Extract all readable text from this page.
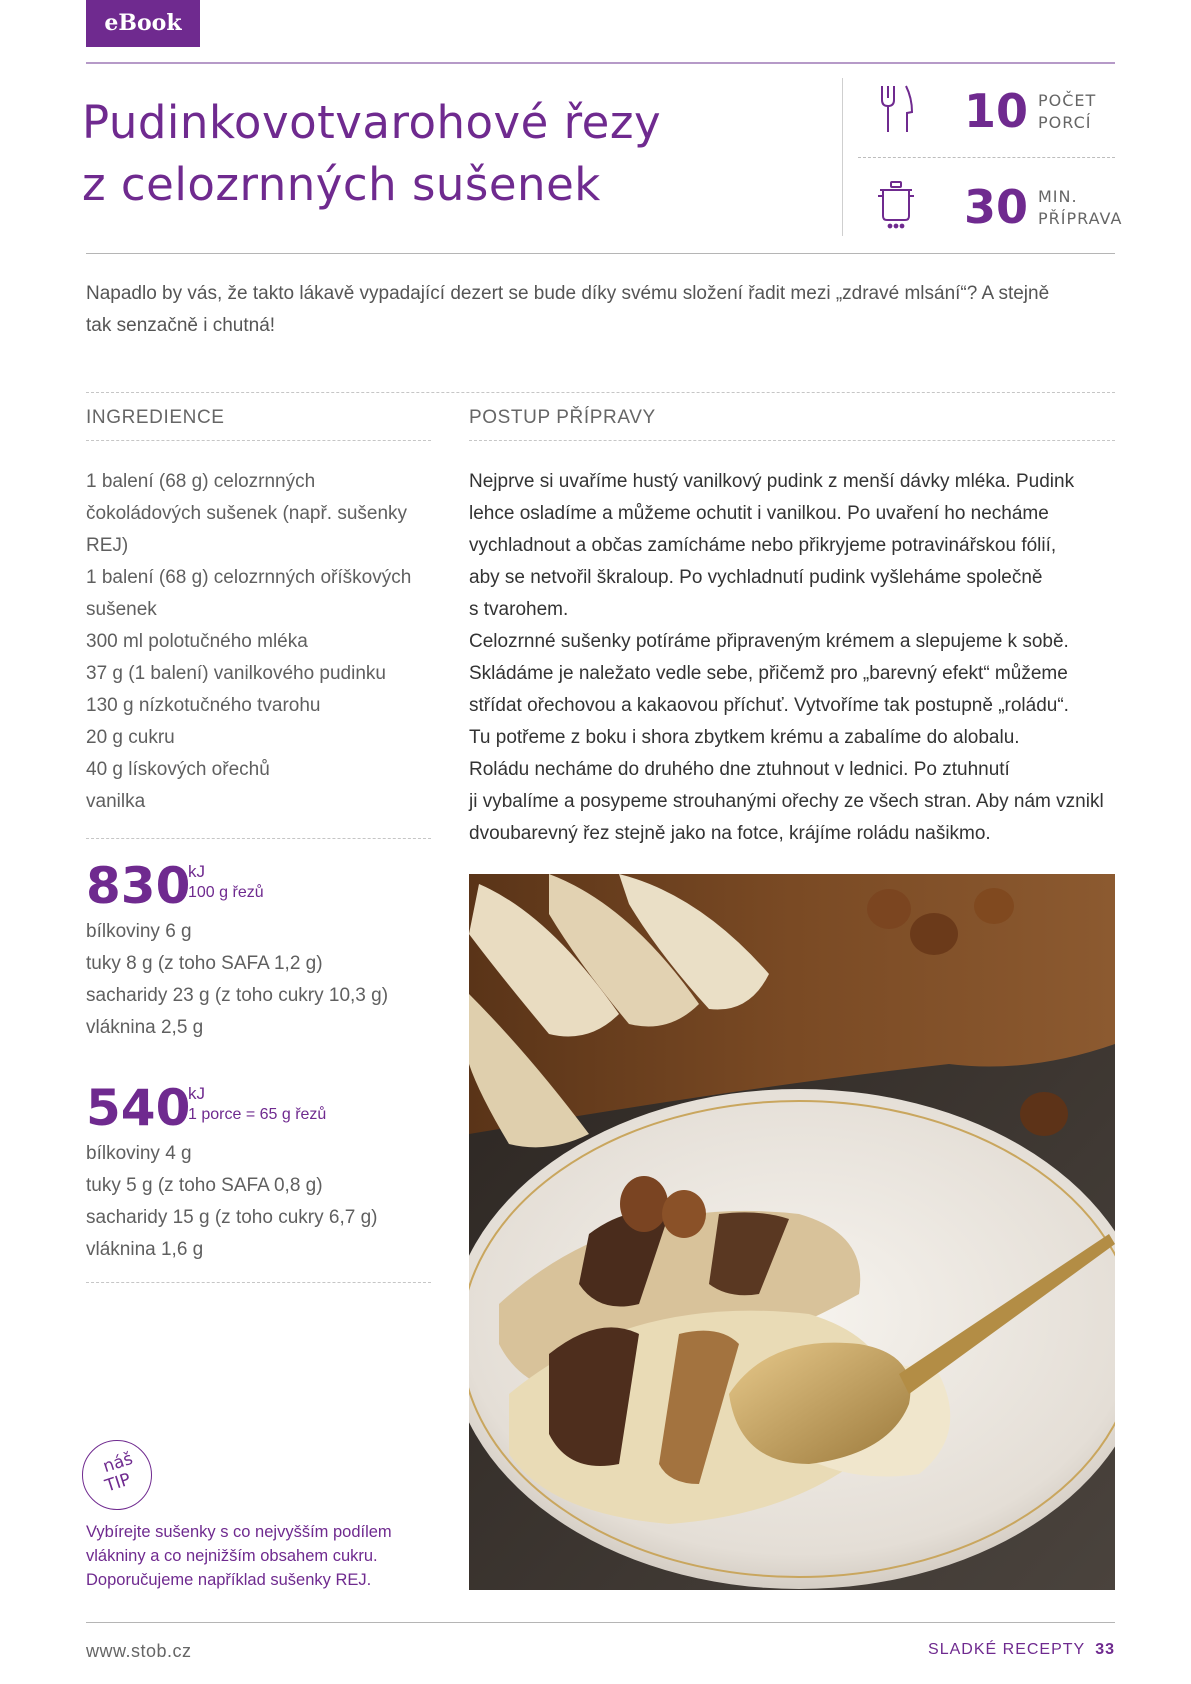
eBook
Pudinkovotvarohové řezy
z celozrnných sušenek
10 POČET
PORCÍ
30 MIN.
PŘÍPRAVA
Napadlo by vás, že takto lákavě vypadající dezert se bude díky svému složení řadit mezi „zdravé mlsání“? A stejně
tak senzačně i chutná!
INGREDIENCE	POSTUP PŘÍPRAVY
1 balení (68 g) celozrnných
čokoládových sušenek (např. sušenky
REJ)
1 balení (68 g) celozrnných oříškových
sušenek
300 ml polotučného mléka
37 g (1 balení) vanilkového pudinku
130 g nízkotučného tvarohu
20 g cukru
40 g lískových ořechů
vanilka
830
kJ
100 g řezů
bílkoviny 6 g
tuky 8 g (z toho SAFA 1,2 g)
sacharidy 23 g (z toho cukry 10,3 g)
vláknina 2,5 g
540
kJ
1 porce = 65 g řezů
bílkoviny 4 g
tuky 5 g (z toho SAFA 0,8 g)
sacharidy 15 g (z toho cukry 6,7 g)
vláknina 1,6 g

Nejprve si uvaříme hustý vanilkový pudink z menší dávky mléka. Pudink

lehce osladíme a můžeme ochutit i vanilkou. Po uvaření ho necháme

vychladnout a občas zamícháme nebo přikryjeme potravinářskou fólií,

aby se netvořil škraloup. Po vychladnutí pudink vyšleháme společně

s tvarohem.

Celozrnné sušenky potíráme připraveným krémem a slepujeme k sobě.

Skládáme je naležato vedle sebe, přičemž pro „barevný efekt“ můžeme

střídat ořechovou a kakaovou příchuť. Vytvoříme tak postupně „roládu“.

Tu potřeme z boku i shora zbytkem krému a zabalíme do alobalu.

Roládu necháme do druhého dne ztuhnout v lednici. Po ztuhnutí

ji vybalíme a posypeme strouhanými ořechy ze všech stran. Aby nám vznikl

dvoubarevný řez stejně jako na fotce, krájíme roládu našikmo.

náš
TIP
Vybírejte sušenky s co nejvyšším podílem
vlákniny a co nejnižším obsahem cukru.
Doporučujeme například sušenky REJ.
www.stob.cz	SLADKÉ RECEPTY 33
